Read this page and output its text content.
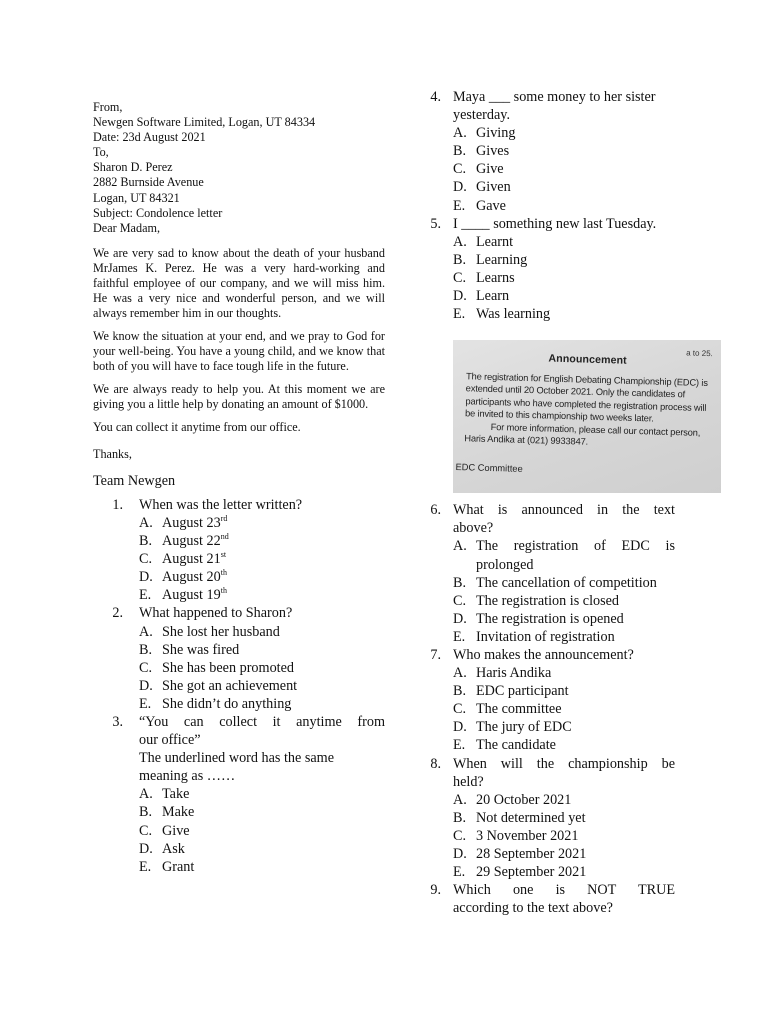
From,
Newgen Software Limited, Logan, UT 84334
Date: 23d August 2021
To,
Sharon D. Perez
2882 Burnside Avenue
Logan, UT 84321
Subject: Condolence letter
Dear Madam,

We are very sad to know about the death of your husband MrJames K. Perez. He was a very hard-working and faithful employee of our company, and we will miss him. He was a very nice and wonderful person, and we will always remember him in our thoughts.

We know the situation at your end, and we pray to God for your well-being. You have a young child, and we know that both of you will have to face tough life in the future.

We are always ready to help you. At this moment we are giving you a little help by donating an amount of $1000.

You can collect it anytime from our office.

Thanks,
Team Newgen
1. When was the letter written?
A. August 23rd
B. August 22nd
C. August 21st
D. August 20th
E. August 19th
2. What happened to Sharon?
A. She lost her husband
B. She was fired
C. She has been promoted
D. She got an achievement
E. She didn’t do anything
3. “You can collect it anytime from
our office”
The underlined word has the same
meaning as ……
A. Take
B. Make
C. Give
D. Ask
E. Grant
4. Maya ___ some money to her sister
yesterday.
A. Giving
B. Gives
C. Give
D. Given
E. Gave
5. I ____ something new last Tuesday.
A. Learnt
B. Learning
C. Learns
D. Learn
E. Was learning
6. What is announced in the text
above?
A. The registration of EDC is
prolonged
B. The cancellation of competition
C. The registration is closed
D. The registration is opened
E. Invitation of registration
7. Who makes the announcement?
A. Haris Andika
B. EDC participant
C. The committee
D. The jury of EDC
E. The candidate
8. When will the championship be
held?
A. 20 October 2021
B. Not determined yet
C. 3 November 2021
D. 28 September 2021
E. 29 September 2021
9. Which one is NOT TRUE
according to the text above?
a to 25.
Announcement

The registration for English Debating Championship (EDC) is extended until 20 October 2021. Only the candidates of participants who have completed the registration process will be invited to this championship two weeks later.

For more information, please call our contact person, Haris Andika at (021) 9933847.

EDC Committee
